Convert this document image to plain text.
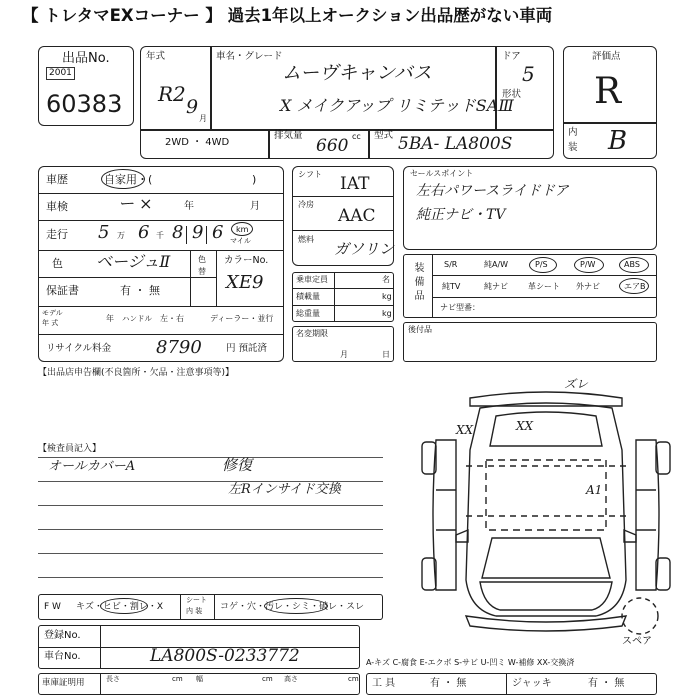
【 トレタマEXコーナー 】 過去1年以上オークション出品歴がない車両
出品No.
2001
60383
年式
R2
9
月
車名・グレード
ムーヴキャンバス
X メイクアップ リミテッドSAⅢ
ドア
5
形状
2WD ・ 4WD
排気量	cc
660
型式 5BA- LA800S
評価点
R
内
装 B
車歴	自家用・(	)
車検	ー ×	年	月
走行 5 万 6 千 8 9 6 km
マイル
色 ベージュⅡ	色
替
カラーNo.
XE9
保証書	有 ・ 無
モデル
年 式	年 ハンドル 左・右	ディーラー・並行
リサイクル料金 8790	円 預託済
シフト IAT
冷房
AAC
燃料
ガソリン
乗車定員	名
積載量	kg
総重量	kg
名変期限
月	日
セールスポイント
左右パワースライドドア
純正ナビ・TV
装備品	S/R	純A/W	P/S	P/W	ABS
純TV	純ナビ	革シート 外ナビ	エアB
ナビ型番：
後付品
【出品店申告欄(不良箇所・欠品・注意事項等)】
【検査員記入】
オールカバーA	修復
左Rインサイド交換
ズレ
XX	XX
A1
スペア
F W キズ・ヒビ・割レ・X
シート
内 装 コゲ・穴・汚レ・シミ・破レ・スレ
登録No.
車台No.	LA800S-0233772
車庫証明用	長さ	cm 幅	cm 高さ	cm
A-キズ C-腐食 E-エクボ S-サビ U-凹ミ W-補修 XX-交換済
工 具	有 ・ 無	ジャッキ	有 ・ 無
